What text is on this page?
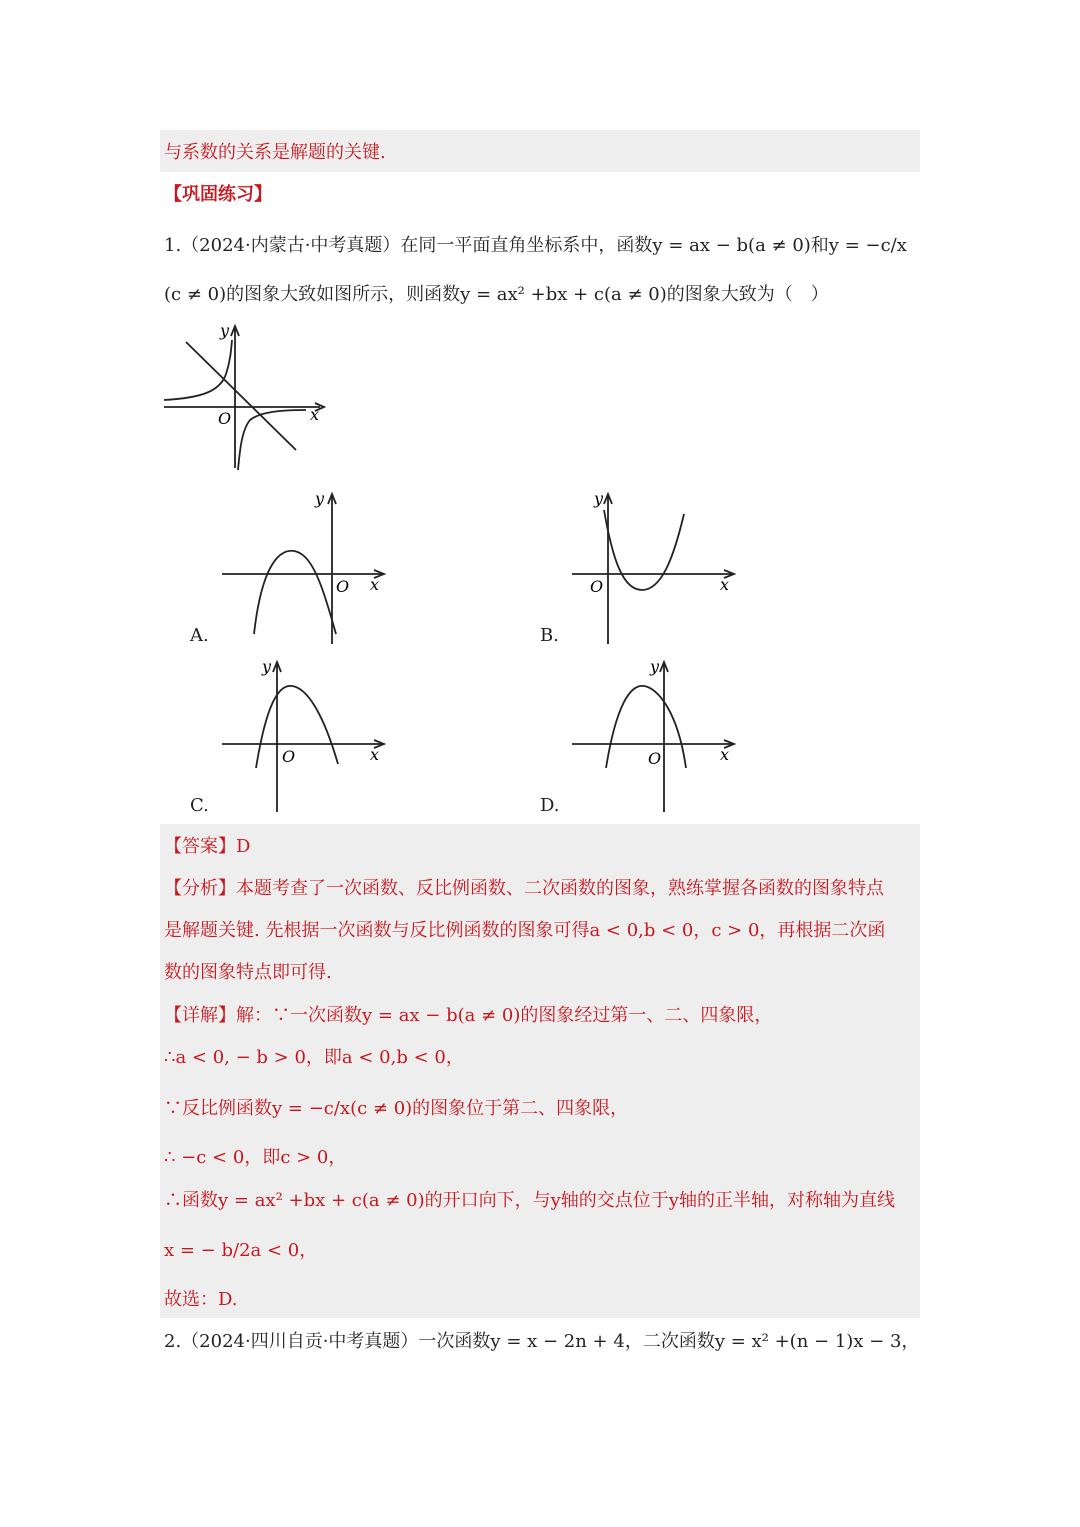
与系数的关系是解题的关键.
【巩固练习】
1.（2024·内蒙古·中考真题）在同一平面直角坐标系中，函数y = ax − b(a ≠ 0)和y = −c/x
(c ≠ 0)的图象大致如图所示，则函数y = ax² +bx + c(a ≠ 0)的图象大致为（　）
y
x
O
y
x
O
A.
y
x
O
B.
y
x
O
C.
y
x
O
D.
【答案】D
【分析】本题考查了一次函数、反比例函数、二次函数的图象，熟练掌握各函数的图象特点
是解题关键. 先根据一次函数与反比例函数的图象可得a < 0,b < 0，c > 0，再根据二次函
数的图象特点即可得.
【详解】解：∵一次函数y = ax − b(a ≠ 0)的图象经过第一、二、四象限，
∴a < 0, − b > 0，即a < 0,b < 0，
∵反比例函数y = −c/x(c ≠ 0)的图象位于第二、四象限，
∴ −c < 0，即c > 0，
∴函数y = ax² +bx + c(a ≠ 0)的开口向下，与y轴的交点位于y轴的正半轴，对称轴为直线
x = − b/2a < 0，
故选：D.
2.（2024·四川自贡·中考真题）一次函数y = x − 2n + 4，二次函数y = x² +(n − 1)x − 3，
